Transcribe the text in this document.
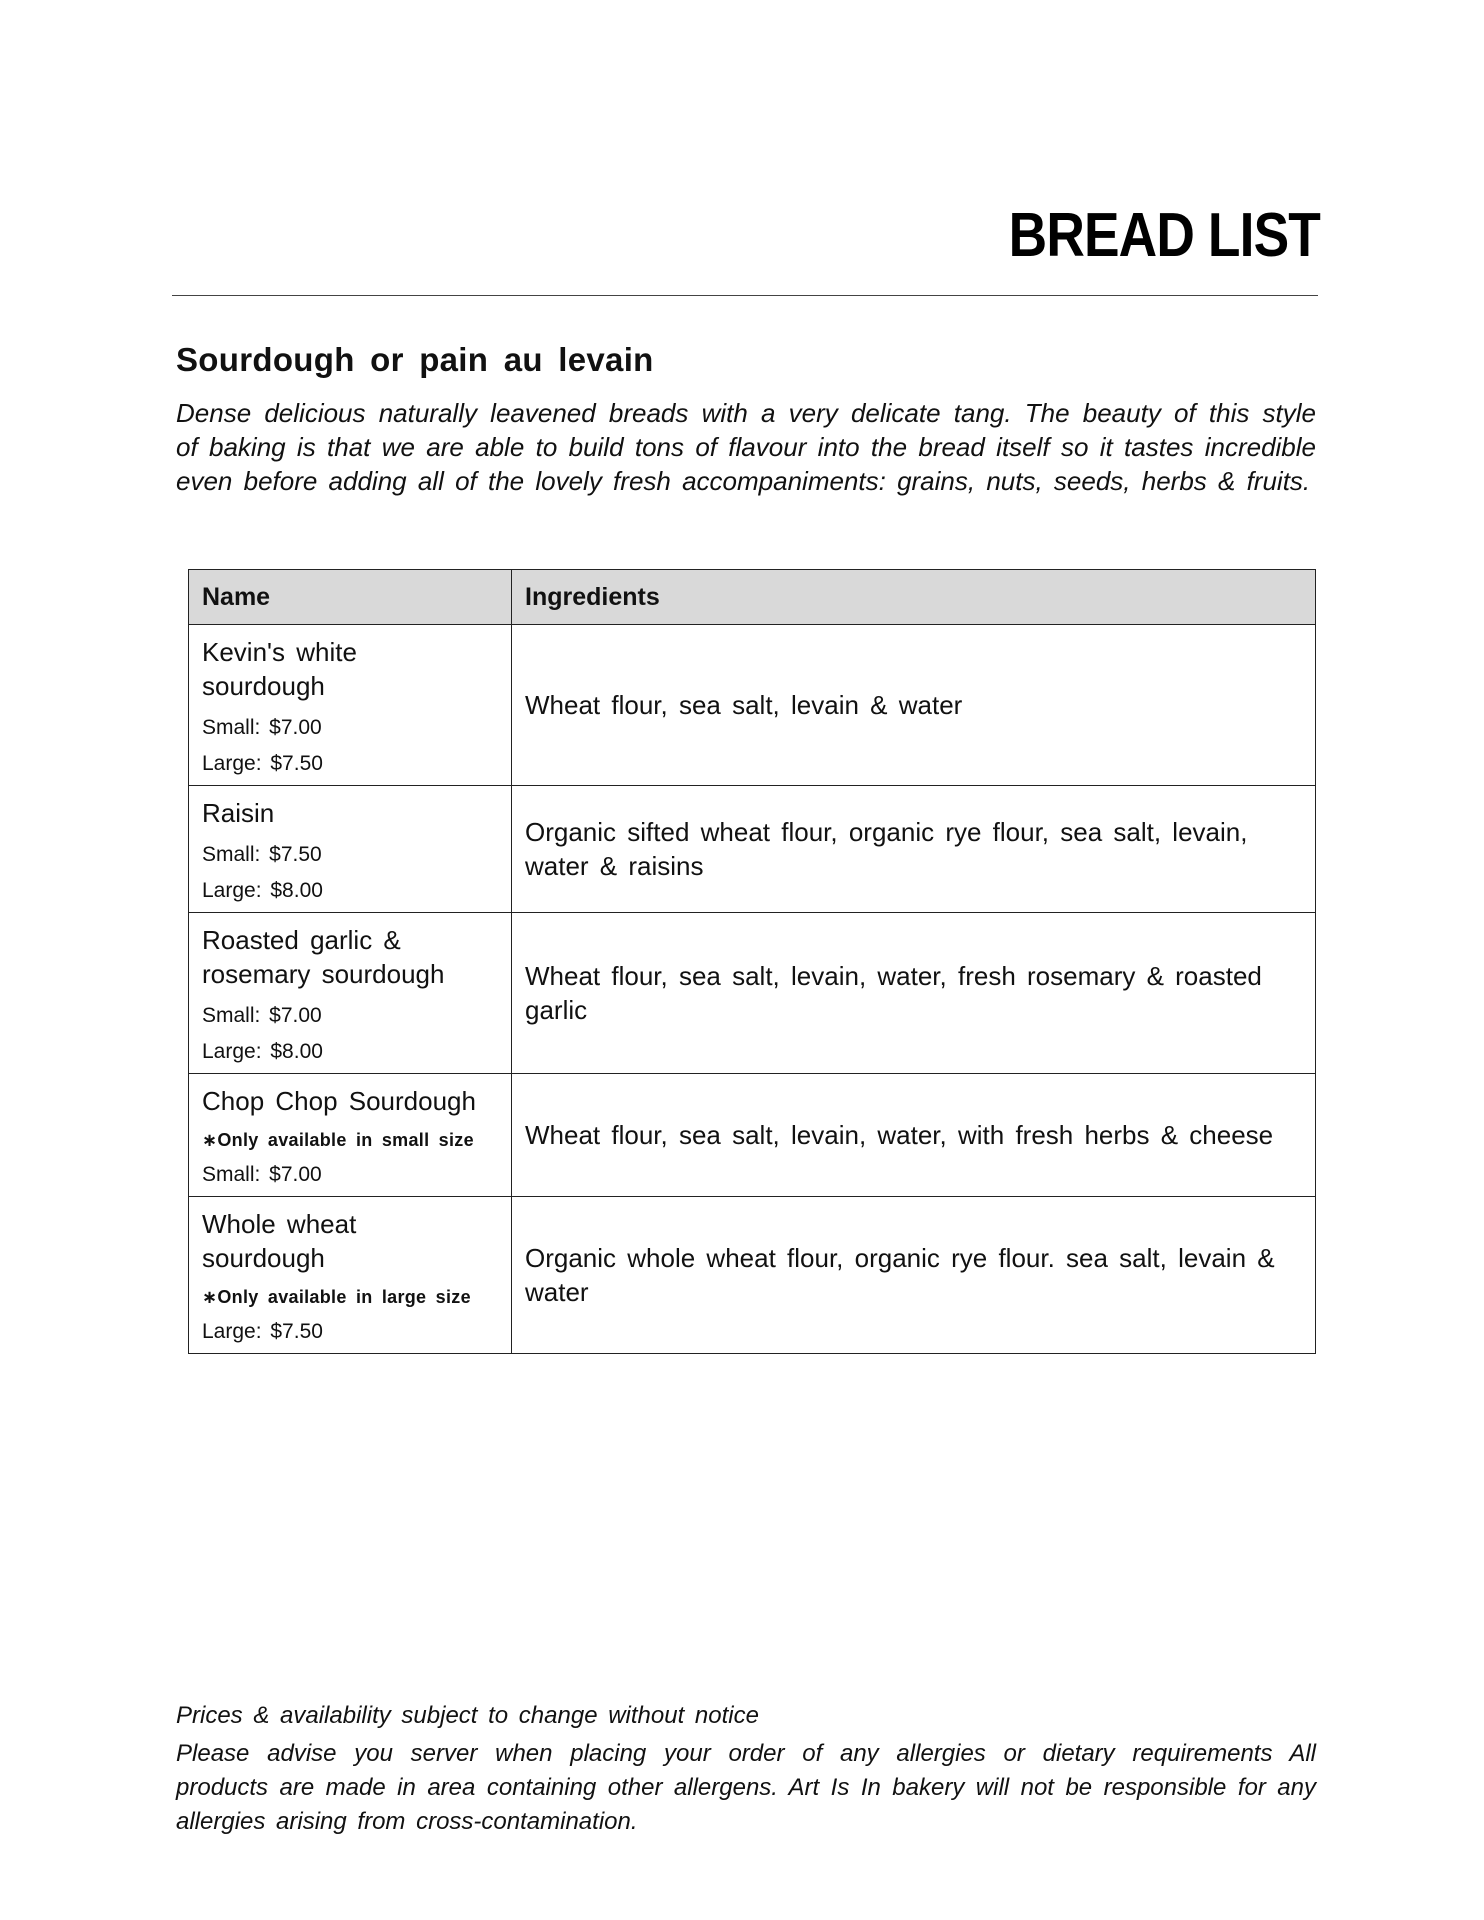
BREAD LIST
Sourdough or pain au levain

Dense delicious naturally leavened breads with a very delicate tang. The beauty of this style of baking is that we are able to build tons of flavour into the bread itself so it tastes incredible even before adding all of the lovely fresh accompaniments: grains, nuts, seeds, herbs & fruits.

Name	Ingredients

Kevin's white sourdough
Small: $7.00
Large: $7.50	Wheat flour, sea salt, levain & water

Raisin
Small: $7.50
Large: $8.00	Organic sifted wheat flour, organic rye flour, sea salt, levain, water & raisins

Roasted garlic & rosemary sourdough
Small: $7.00
Large: $8.00	Wheat flour, sea salt, levain, water, fresh rosemary & roasted garlic

Chop Chop Sourdough
∗Only available in small size
Small: $7.00	Wheat flour, sea salt, levain, water, with fresh herbs & cheese

Whole wheat sourdough
∗Only available in large size
Large: $7.50	Organic whole wheat flour, organic rye flour. sea salt, levain & water
Prices & availability subject to change without notice
Please advise you server when placing your order of any allergies or dietary requirements All products are made in area containing other allergens. Art Is In bakery will not be responsible for any allergies arising from cross-contamination.
